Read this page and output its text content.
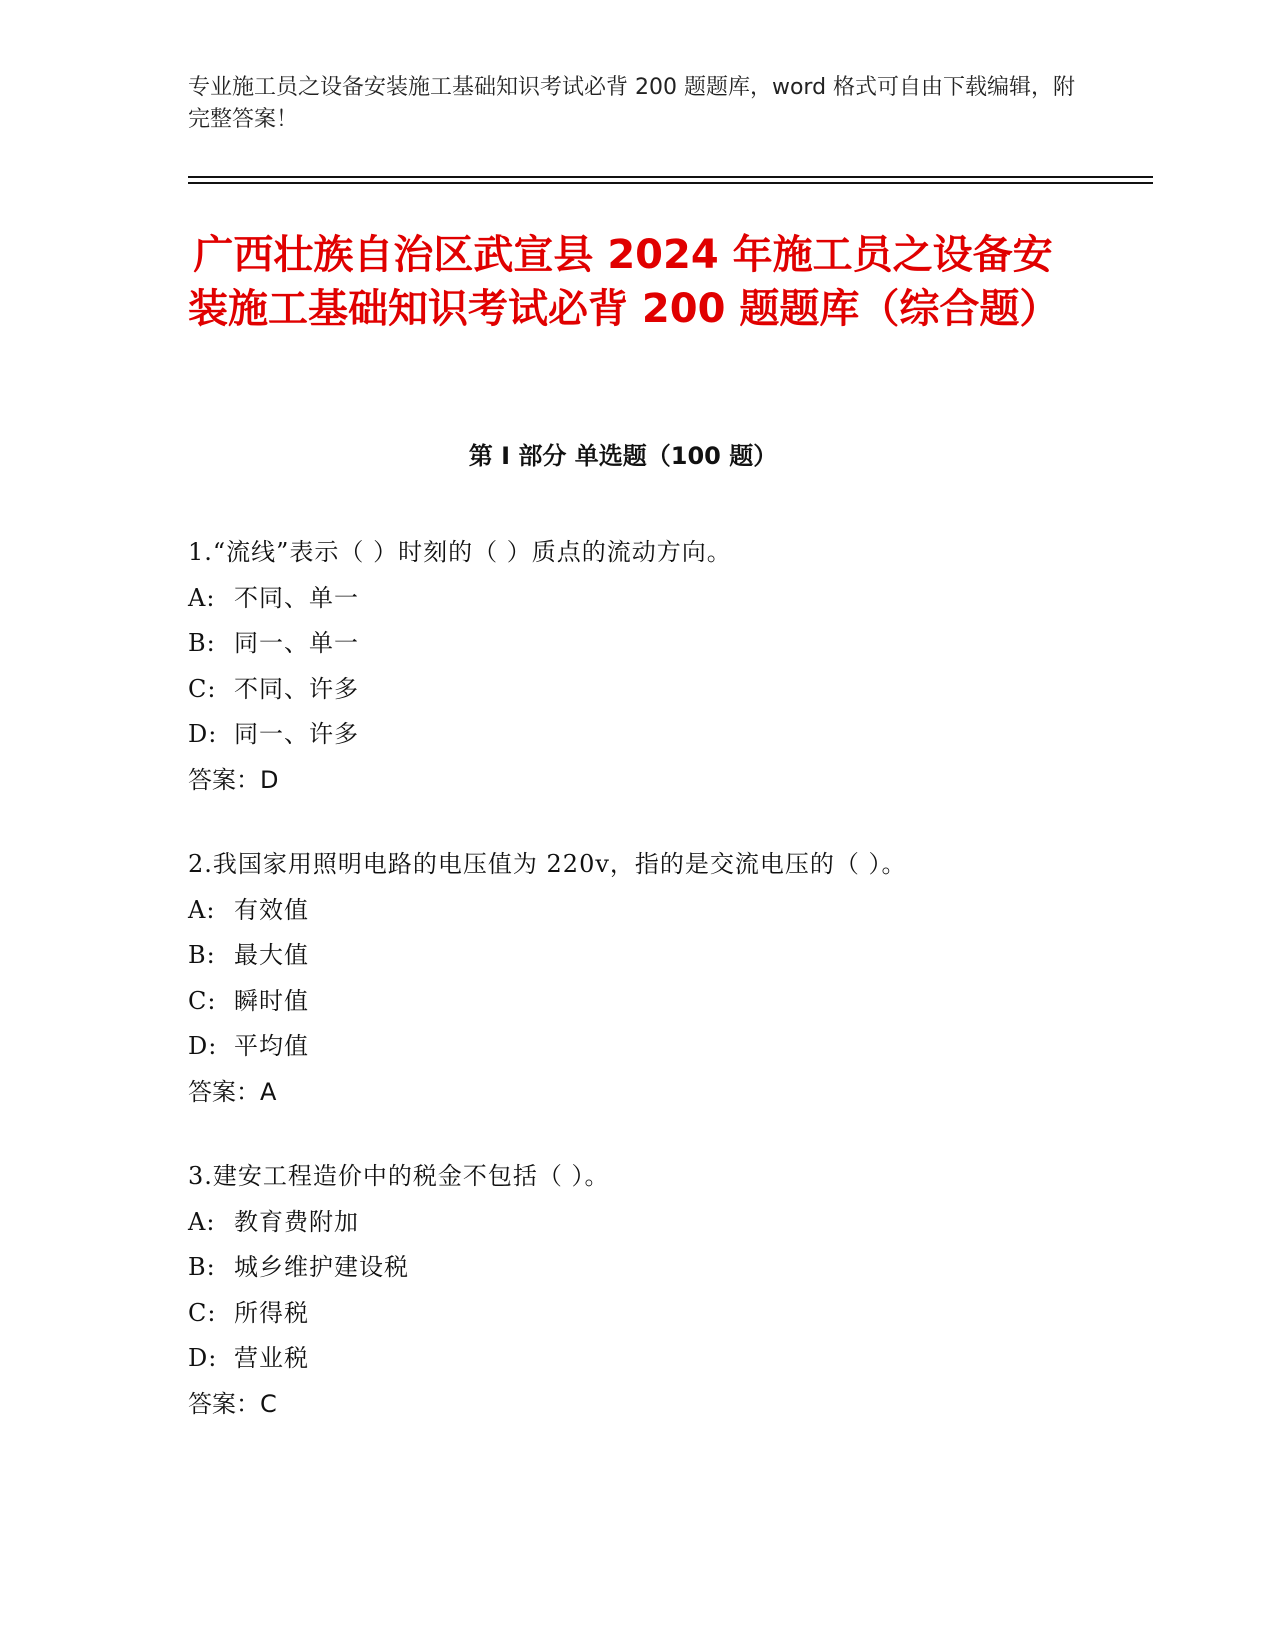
专业施工员之设备安装施工基础知识考试必背 200 题题库，word 格式可自由下载编辑，附完整答案！
广西壮族自治区武宣县 2024 年施工员之设备安装施工基础知识考试必背 200 题题库（综合题）
第 I 部分 单选题（100 题）
1.“流线”表示（ ）时刻的（ ）质点的流动方向。
A: 不同、单一
B: 同一、单一
C: 不同、许多
D: 同一、许多
答案：D
2.我国家用照明电路的电压值为 220v，指的是交流电压的（ ）。
A: 有效值
B: 最大值
C: 瞬时值
D: 平均值
答案：A
3.建安工程造价中的税金不包括（ ）。
A: 教育费附加
B: 城乡维护建设税
C: 所得税
D: 营业税
答案：C
